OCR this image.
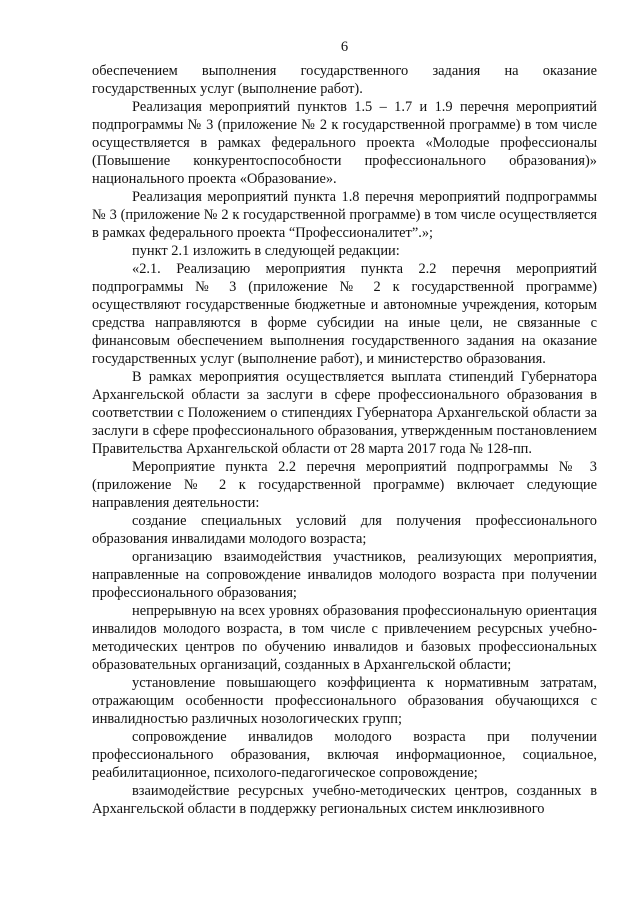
6

обеспечением выполнения государственного задания на оказание государственных услуг (выполнение работ).

Реализация мероприятий пунктов 1.5 – 1.7 и 1.9 перечня мероприятий подпрограммы № 3 (приложение № 2 к государственной программе) в том числе осуществляется в рамках федерального проекта «Молодые профессионалы (Повышение конкурентоспособности профессионального образования)» национального проекта «Образование».

Реализация мероприятий пункта 1.8 перечня мероприятий подпрограммы № 3 (приложение № 2 к государственной программе) в том числе осуществляется в рамках федерального проекта “Профессионалитет”.»;

пункт 2.1 изложить в следующей редакции:

«2.1. Реализацию мероприятия пункта 2.2 перечня мероприятий подпрограммы № 3 (приложение № 2 к государственной программе) осуществляют государственные бюджетные и автономные учреждения, которым средства направляются в форме субсидии на иные цели, не связанные с финансовым обеспечением выполнения государственного задания на оказание государственных услуг (выполнение работ), и министерство образования.

В рамках мероприятия осуществляется выплата стипендий Губернатора Архангельской области за заслуги в сфере профессионального образования в соответствии с Положением о стипендиях Губернатора Архангельской области за заслуги в сфере профессионального образования, утвержденным постановлением Правительства Архангельской области от 28 марта 2017 года № 128-пп.

Мероприятие пункта 2.2 перечня мероприятий подпрограммы № 3 (приложение № 2 к государственной программе) включает следующие направления деятельности:

создание специальных условий для получения профессионального образования инвалидами молодого возраста;

организацию взаимодействия участников, реализующих мероприятия, направленные на сопровождение инвалидов молодого возраста при получении профессионального образования;

непрерывную на всех уровнях образования профессиональную ориентация инвалидов молодого возраста, в том числе с привлечением ресурсных учебно-методических центров по обучению инвалидов и базовых профессиональных образовательных организаций, созданных в Архангельской области;

установление повышающего коэффициента к нормативным затратам, отражающим особенности профессионального образования обучающихся с инвалидностью различных нозологических групп;

сопровождение инвалидов молодого возраста при получении профессионального образования, включая информационное, социальное, реабилитационное, психолого-педагогическое сопровождение;

взаимодействие ресурсных учебно-методических центров, созданных в Архангельской области в поддержку региональных систем инклюзивного
